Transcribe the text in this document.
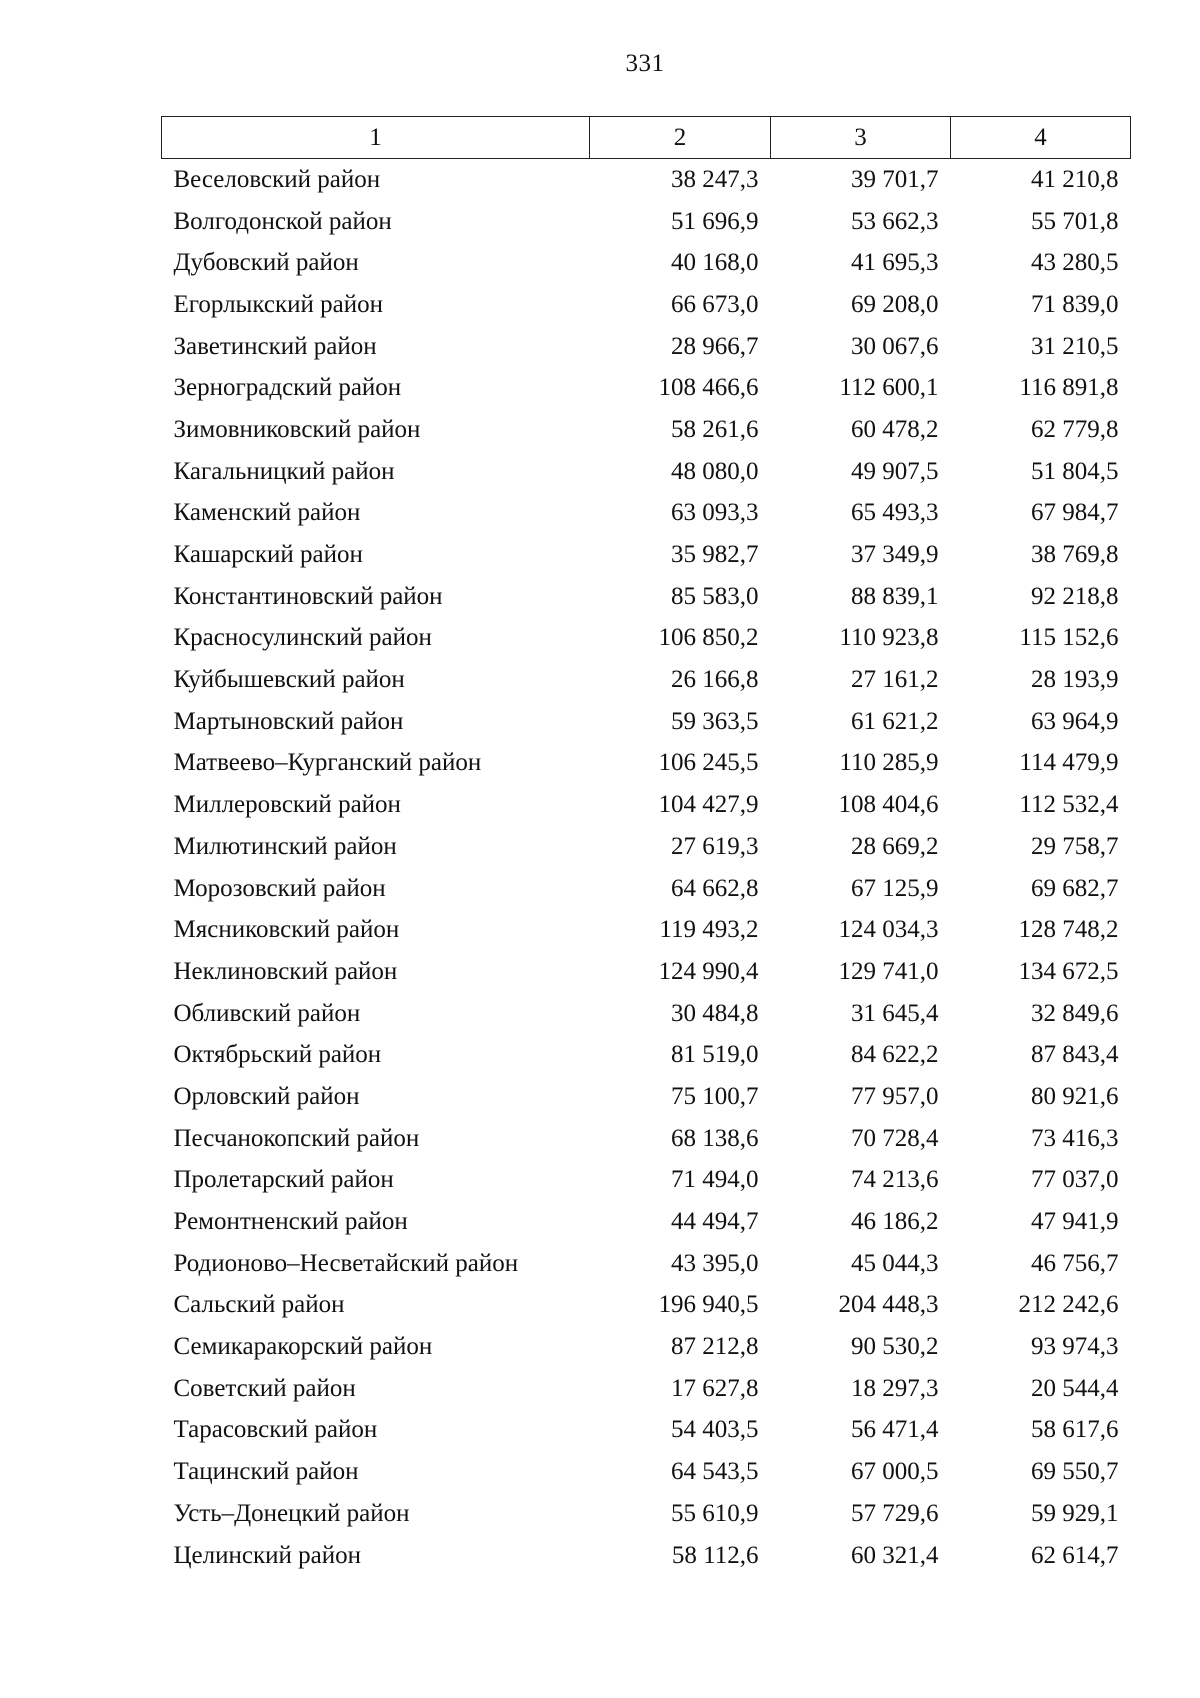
331
1	2	3	4
Веселовский район	38 247,3	39 701,7	41 210,8
Волгодонской район	51 696,9	53 662,3	55 701,8
Дубовский район	40 168,0	41 695,3	43 280,5
Егорлыкский район	66 673,0	69 208,0	71 839,0
Заветинский район	28 966,7	30 067,6	31 210,5
Зерноградский район	108 466,6	112 600,1	116 891,8
Зимовниковский район	58 261,6	60 478,2	62 779,8
Кагальницкий район	48 080,0	49 907,5	51 804,5
Каменский район	63 093,3	65 493,3	67 984,7
Кашарский район	35 982,7	37 349,9	38 769,8
Константиновский район	85 583,0	88 839,1	92 218,8
Красносулинский район	106 850,2	110 923,8	115 152,6
Куйбышевский район	26 166,8	27 161,2	28 193,9
Мартыновский район	59 363,5	61 621,2	63 964,9
Матвеево–Курганский район	106 245,5	110 285,9	114 479,9
Миллеровский район	104 427,9	108 404,6	112 532,4
Милютинский район	27 619,3	28 669,2	29 758,7
Морозовский район	64 662,8	67 125,9	69 682,7
Мясниковский район	119 493,2	124 034,3	128 748,2
Неклиновский район	124 990,4	129 741,0	134 672,5
Обливский район	30 484,8	31 645,4	32 849,6
Октябрьский район	81 519,0	84 622,2	87 843,4
Орловский район	75 100,7	77 957,0	80 921,6
Песчанокопский район	68 138,6	70 728,4	73 416,3
Пролетарский район	71 494,0	74 213,6	77 037,0
Ремонтненский район	44 494,7	46 186,2	47 941,9
Родионово–Несветайский район	43 395,0	45 044,3	46 756,7
Сальский район	196 940,5	204 448,3	212 242,6
Семикаракорский район	87 212,8	90 530,2	93 974,3
Советский район	17 627,8	18 297,3	20 544,4
Тарасовский район	54 403,5	56 471,4	58 617,6
Тацинский район	64 543,5	67 000,5	69 550,7
Усть–Донецкий район	55 610,9	57 729,6	59 929,1
Целинский район	58 112,6	60 321,4	62 614,7
